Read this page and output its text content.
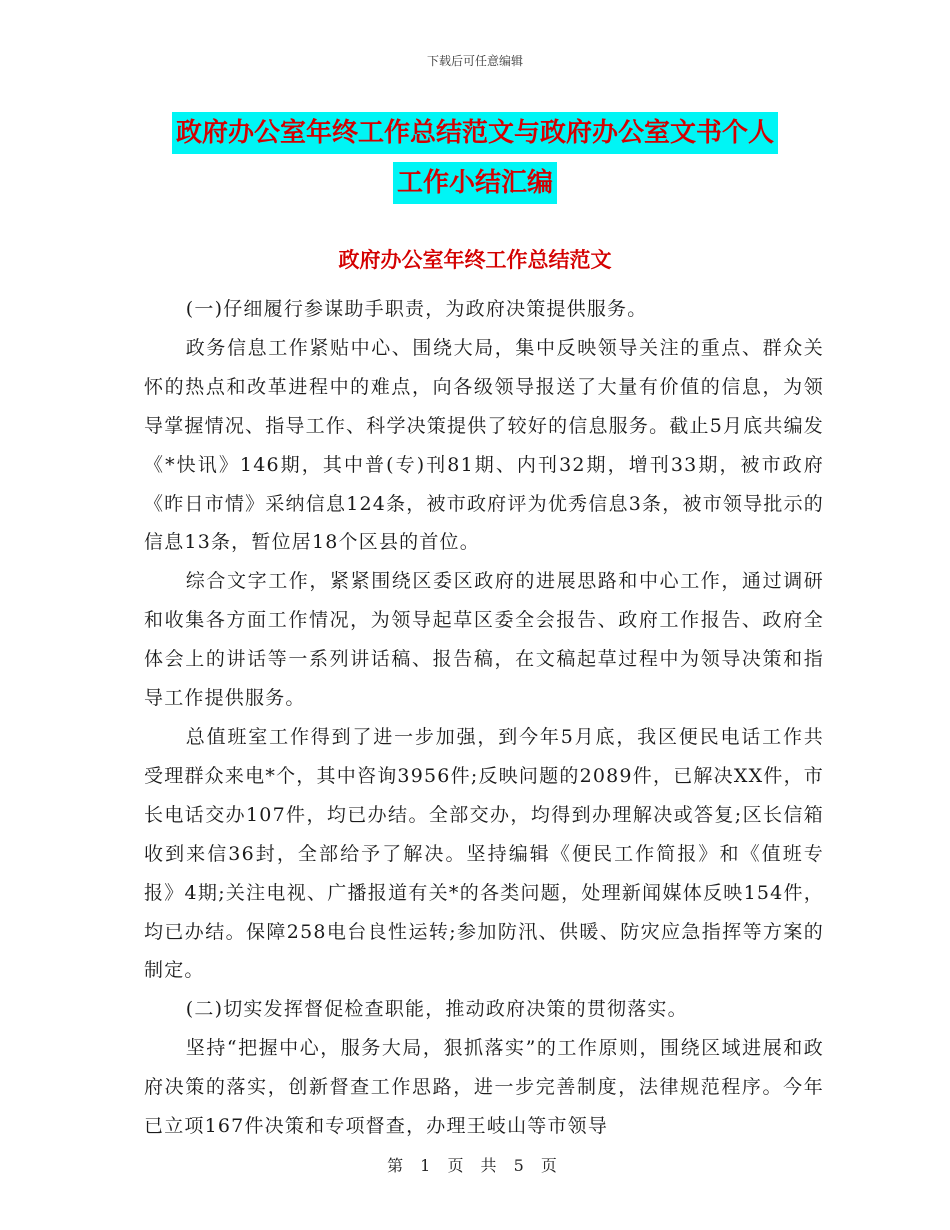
下载后可任意编辑
政府办公室年终工作总结范文与政府办公室文书个人
工作小结汇编
政府办公室年终工作总结范文

(一)仔细履行参谋助手职责，为政府决策提供服务。

政务信息工作紧贴中心、围绕大局，集中反映领导关注的重点、群众关怀的热点和改革进程中的难点，向各级领导报送了大量有价值的信息，为领导掌握情况、指导工作、科学决策提供了较好的信息服务。截止5月底共编发《*快讯》146期，其中普(专)刊81期、内刊32期，增刊33期，被市政府《昨日市情》采纳信息124条，被市政府评为优秀信息3条，被市领导批示的信息13条，暂位居18个区县的首位。

综合文字工作，紧紧围绕区委区政府的进展思路和中心工作，通过调研和收集各方面工作情况，为领导起草区委全会报告、政府工作报告、政府全体会上的讲话等一系列讲话稿、报告稿，在文稿起草过程中为领导决策和指导工作提供服务。

总值班室工作得到了进一步加强，到今年5月底，我区便民电话工作共受理群众来电*个，其中咨询3956件;反映问题的2089件，已解决XX件，市长电话交办107件，均已办结。全部交办，均得到办理解决或答复;区长信箱收到来信36封，全部给予了解决。坚持编辑《便民工作简报》和《值班专报》4期;关注电视、广播报道有关*的各类问题，处理新闻媒体反映154件，均已办结。保障258电台良性运转;参加防汛、供暖、防灾应急指挥等方案的制定。

(二)切实发挥督促检查职能，推动政府决策的贯彻落实。

坚持“把握中心，服务大局，狠抓落实”的工作原则，围绕区域进展和政府决策的落实，创新督查工作思路，进一步完善制度，法律规范程序。今年已立项167件决策和专项督查，办理王岐山等市领导

第 1 页 共 5 页
